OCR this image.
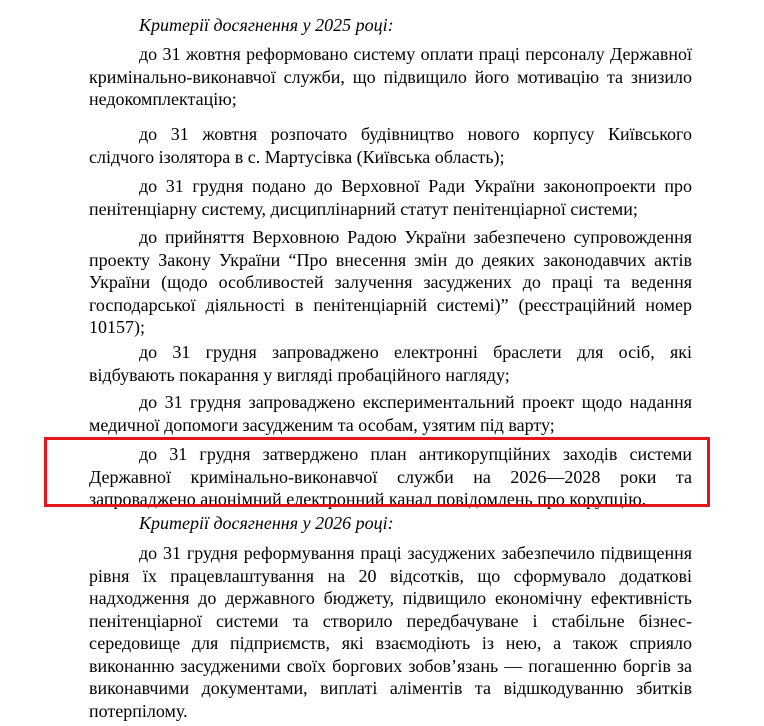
Критерії досягнення у 2025 році:

до 31 жовтня реформовано систему оплати праці персоналу Державної кримінально-виконавчої служби, що підвищило його мотивацію та знизило недокомплектацію;

до 31 жовтня розпочато будівництво нового корпусу Київського слідчого ізолятора в с. Мартусівка (Київська область);

до 31 грудня подано до Верховної Ради України законопроекти про пенітенціарну систему, дисциплінарний статут пенітенціарної системи;

до прийняття Верховною Радою України забезпечено супровождення проекту Закону України “Про внесення змін до деяких законодавчих актів України (щодо особливостей залучення засуджених до праці та ведення господарської діяльності в пенітенціарній системі)” (реєстраційний номер 10157);

до 31 грудня запроваджено електронні браслети для осіб, які відбувають покарання у вигляді пробаційного нагляду;

до 31 грудня запроваджено експериментальний проект щодо надання медичної допомоги засудженим та особам, узятим під варту;

до 31 грудня затверджено план антикорупційних заходів системи Державної кримінально-виконавчої служби на 2026—2028 роки та запроваджено анонімний електронний канал повідомлень про корупцію.

Критерії досягнення у 2026 році:

до 31 грудня реформування праці засуджених забезпечило підвищення рівня їх працевлаштування на 20 відсотків, що сформувало додаткові надходження до державного бюджету, підвищило економічну ефективність пенітенціарної системи та створило передбачуване і стабільне бізнес-середовище для підприємств, які взаємодіють із нею, а також сприяло виконанню засудженими своїх боргових зобов’язань — погашенню боргів за виконавчими документами, виплаті аліментів та відшкодуванню збитків потерпілому.
